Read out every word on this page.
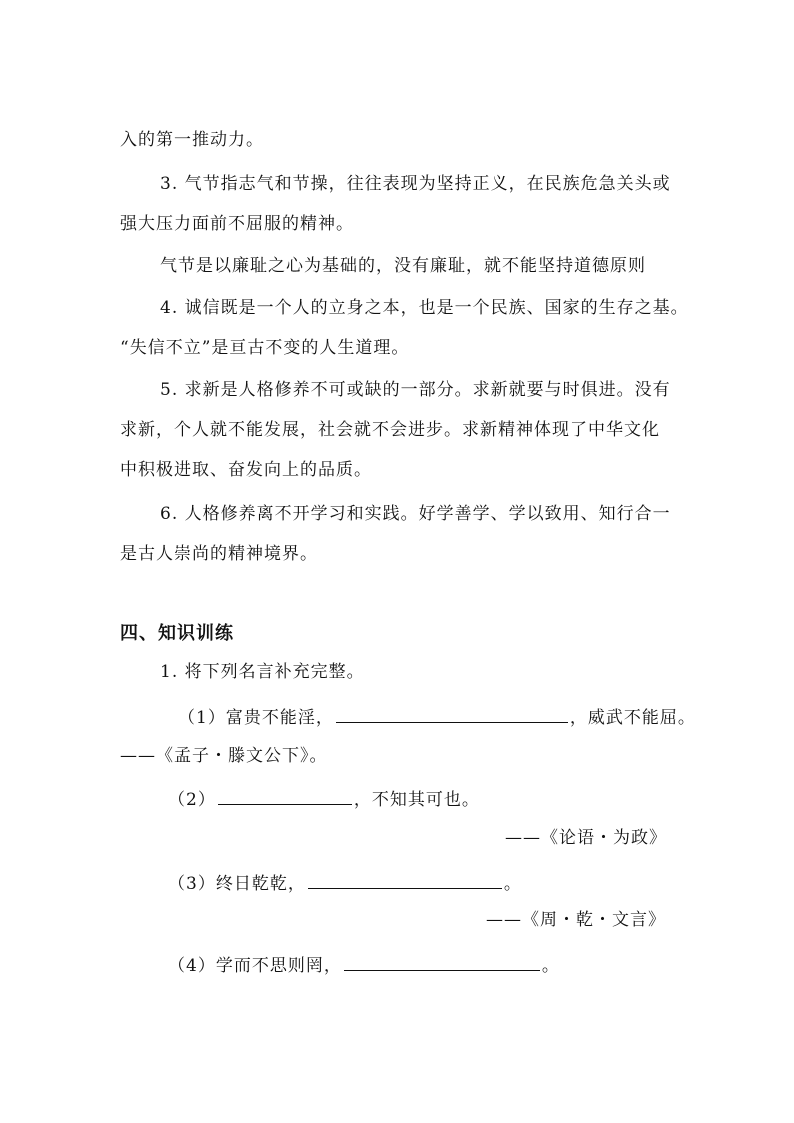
入的第一推动力。
3. 气节指志气和节操，往往表现为坚持正义，在民族危急关头或
强大压力面前不屈服的精神。
气节是以廉耻之心为基础的，没有廉耻，就不能坚持道德原则
4. 诚信既是一个人的立身之本，也是一个民族、国家的生存之基。
“失信不立”是亘古不变的人生道理。
5. 求新是人格修养不可或缺的一部分。求新就要与时俱进。没有
求新，个人就不能发展，社会就不会进步。求新精神体现了中华文化
中积极进取、奋发向上的品质。
6. 人格修养离不开学习和实践。好学善学、学以致用、知行合一
是古人崇尚的精神境界。
四、知识训练
1. 将下列名言补充完整。
（1）富贵不能淫，	，威武不能屈。
——《孟子・滕文公下》。
（2）	，不知其可也。
——《论语・为政》
（3）终日乾乾，	。
——《周・乾・文言》
（4）学而不思则罔，	。
